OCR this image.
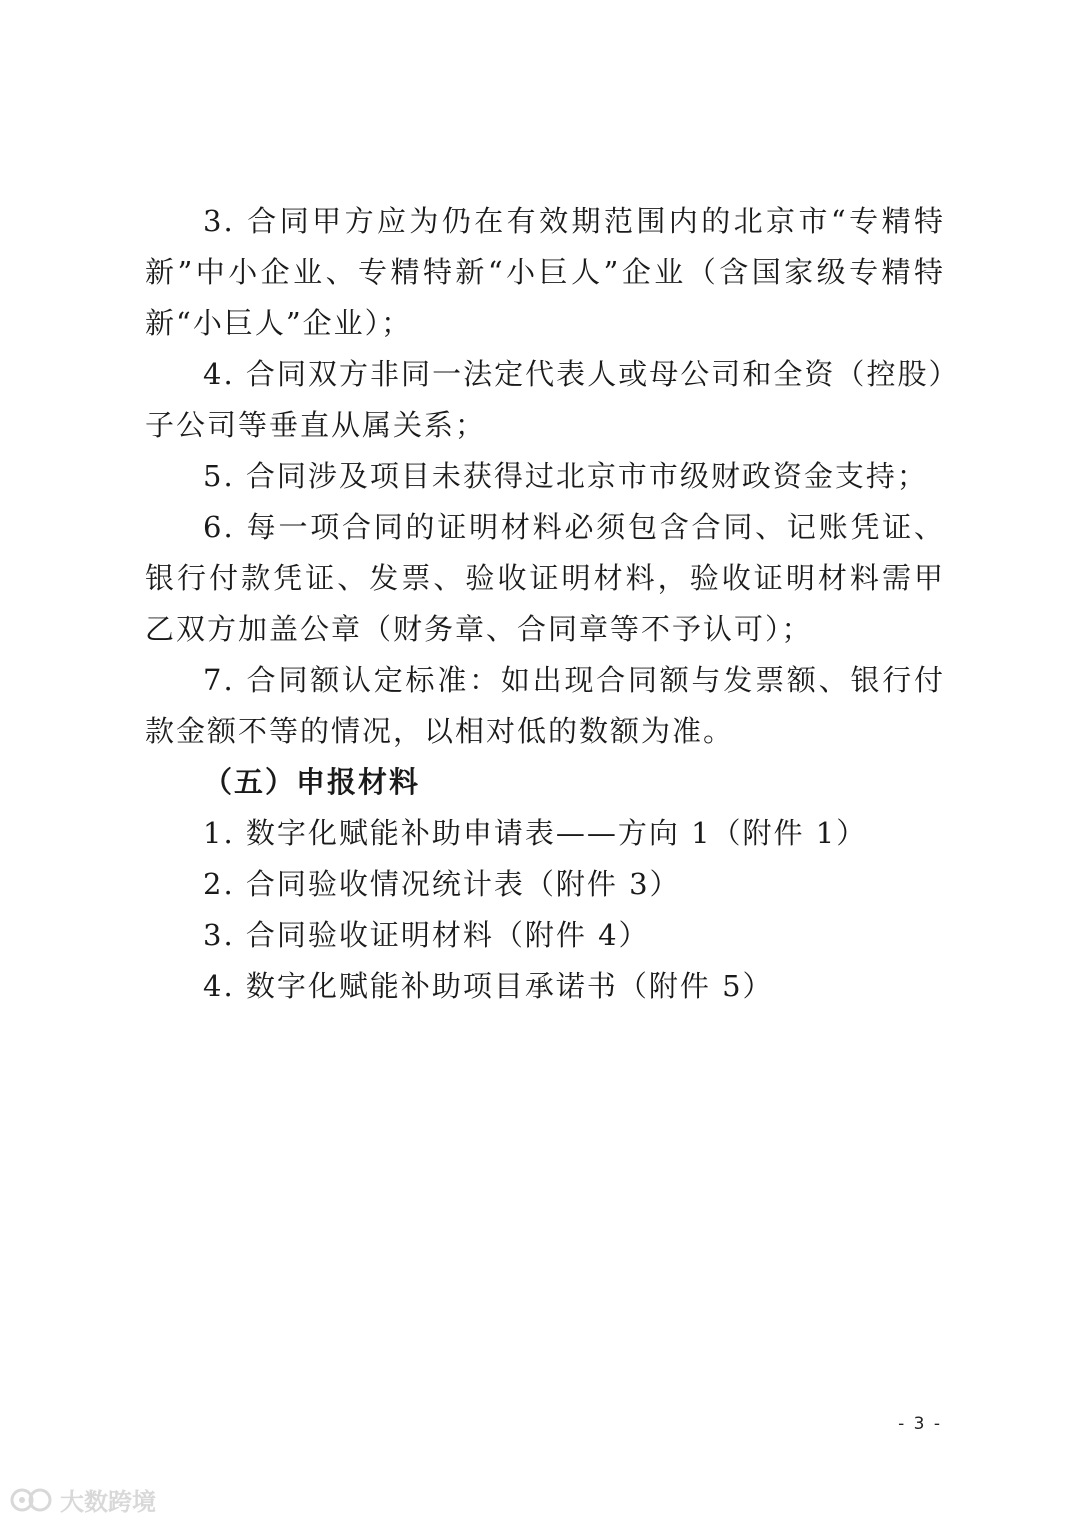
3. 合同甲方应为仍在有效期范围内的北京市“专精特新”中小企业、专精特新“小巨人”企业（含国家级专精特新“小巨人”企业）；

4. 合同双方非同一法定代表人或母公司和全资（控股）子公司等垂直从属关系；

5. 合同涉及项目未获得过北京市市级财政资金支持；

6. 每一项合同的证明材料必须包含合同、记账凭证、银行付款凭证、发票、验收证明材料，验收证明材料需甲乙双方加盖公章（财务章、合同章等不予认可）；

7. 合同额认定标准：如出现合同额与发票额、银行付款金额不等的情况，以相对低的数额为准。

（五）申报材料

1. 数字化赋能补助申请表——方向 1（附件 1）

2. 合同验收情况统计表（附件 3）

3. 合同验收证明材料（附件 4）

4. 数字化赋能补助项目承诺书（附件 5）

- 3 -
大数跨境
